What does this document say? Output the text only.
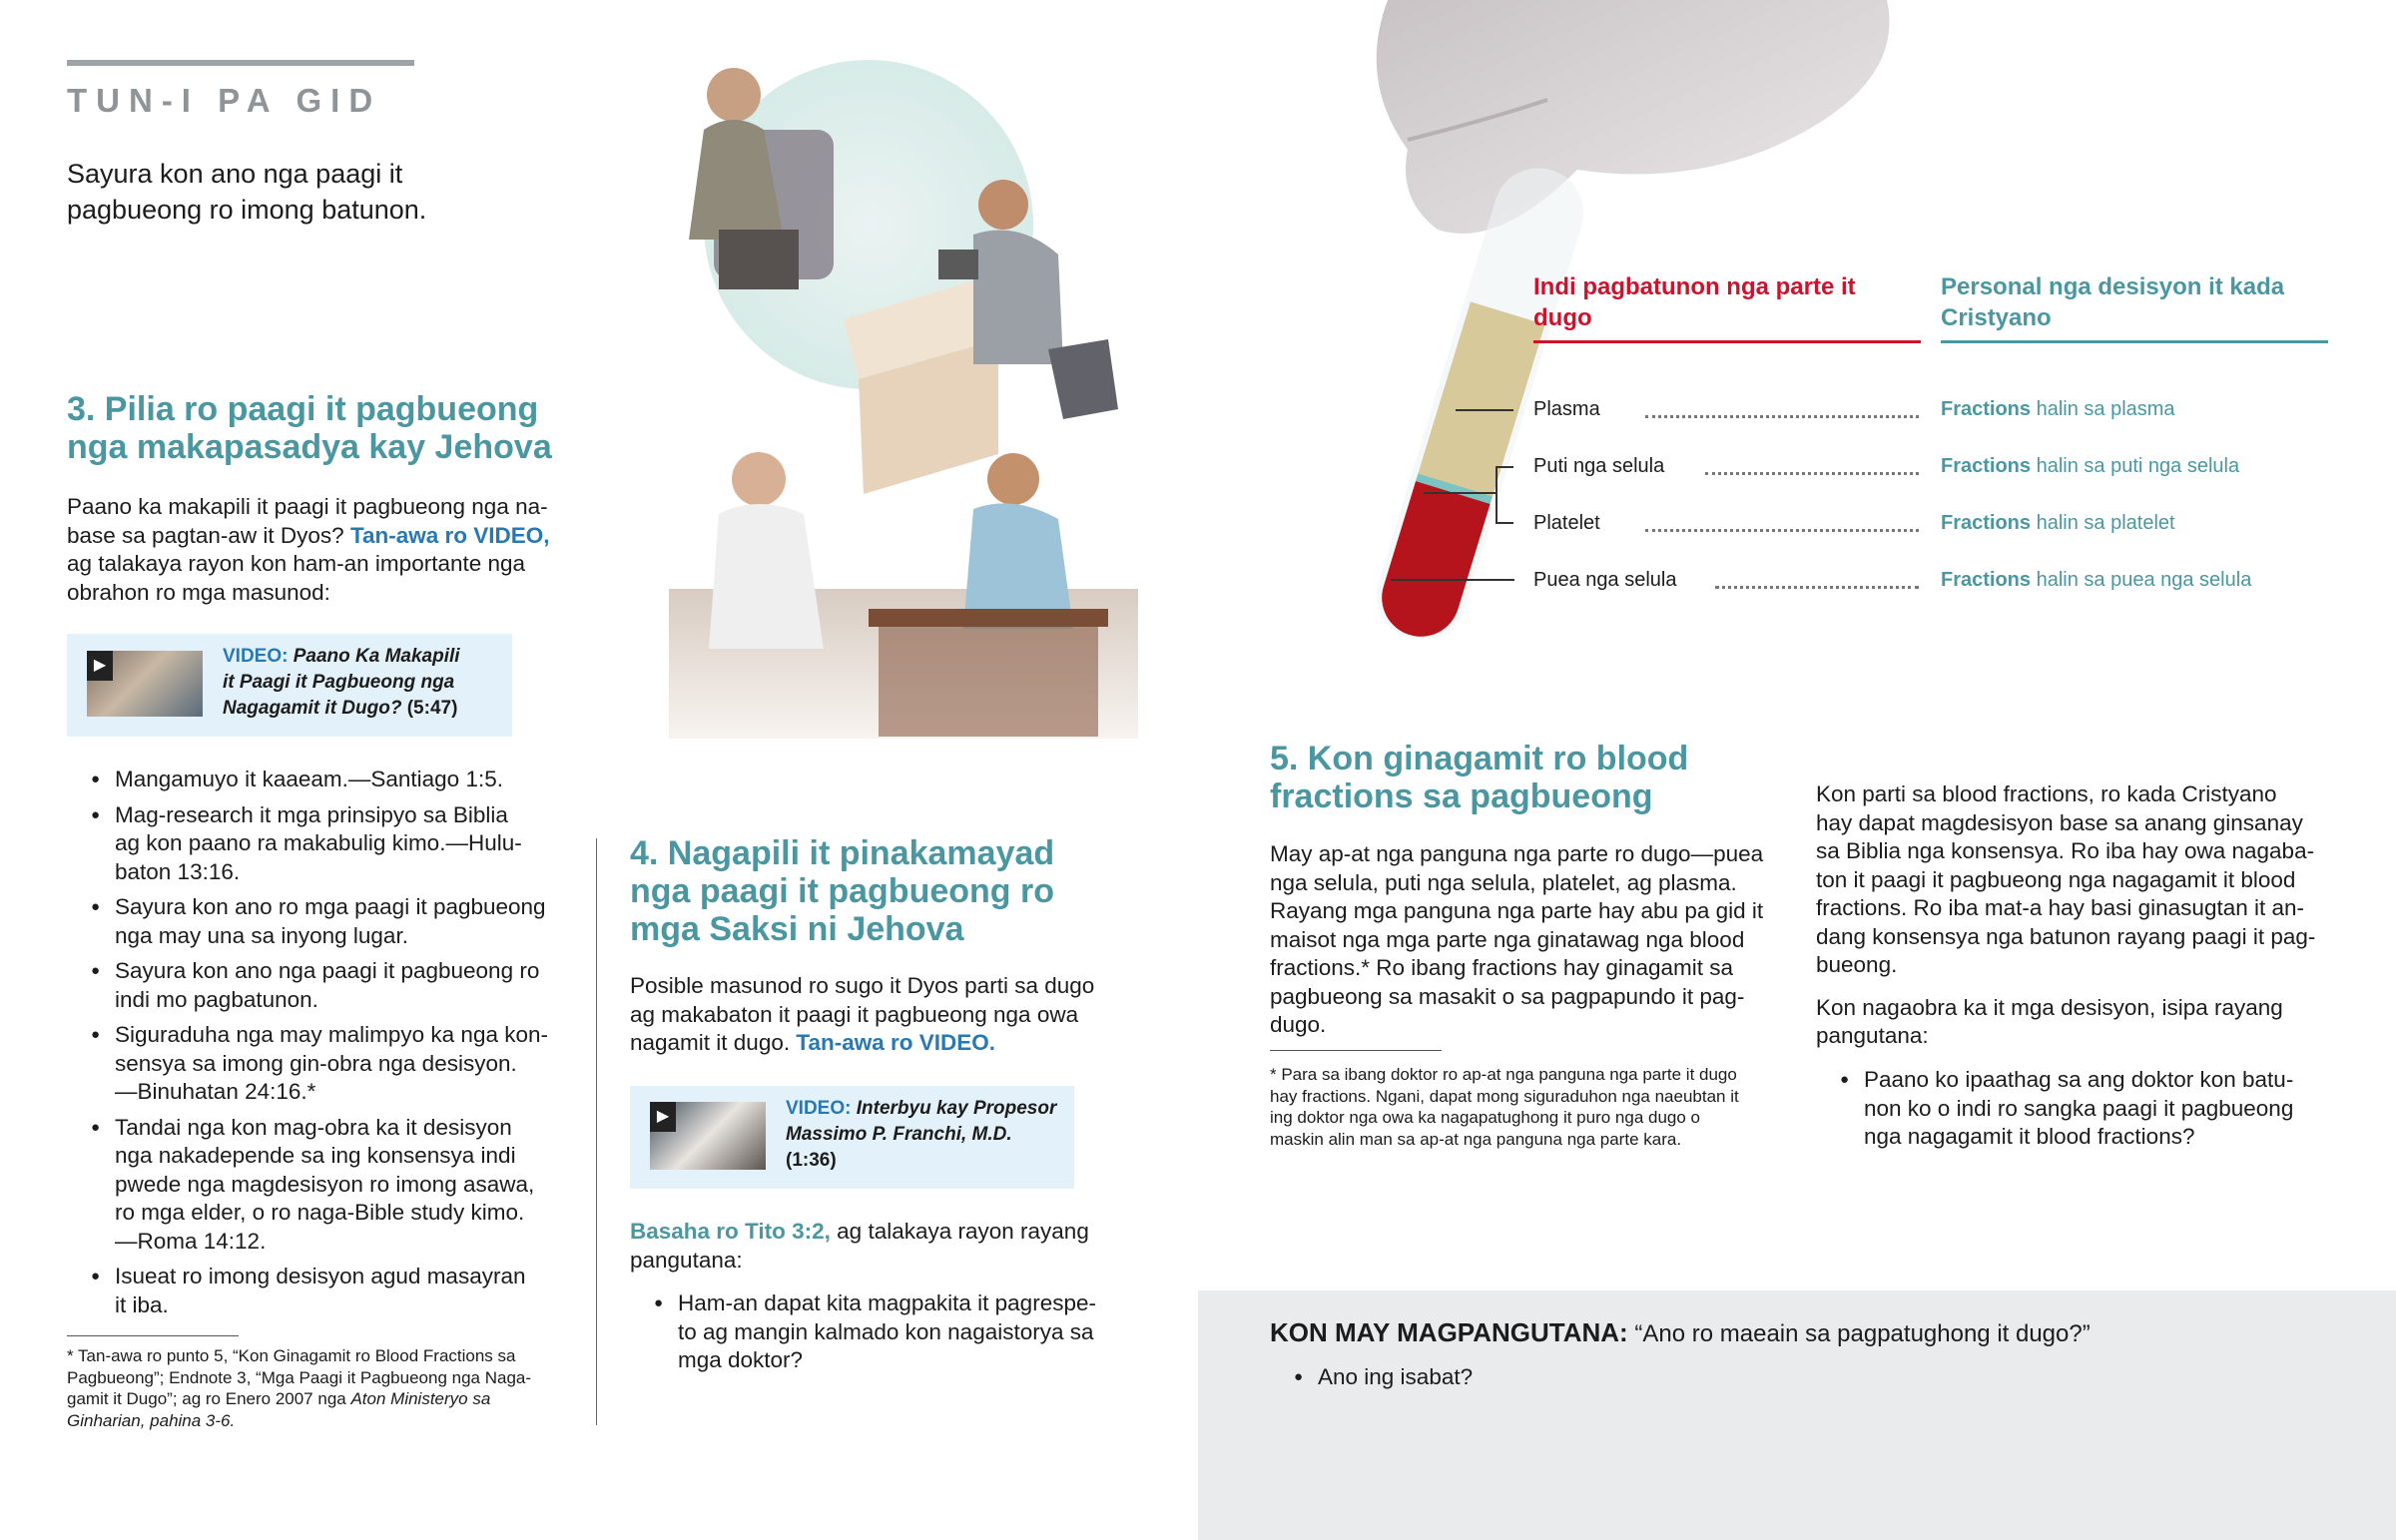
TUN-I PA GID
Sayura kon ano nga paagi it pagbueong ro imong batunon.

3. Pilia ro paagi it pagbueong nga makapasadya kay Jehova

Paano ka makapili it paagi it pagbueong nga na-
base sa pagtan-aw it Dyos? Tan-awa ro VIDEO,
ag talakaya rayon kon ham-an importante nga
obrahon ro mga masunod:
▶	VIDEO: Paano Ka Makapili
it Paagi it Pagbueong nga
Nagagamit it Dugo? (5:47)
● Mangamuyo it kaaeam.—Santiago 1:5.
● Mag-research it mga prinsipyo sa Biblia
ag kon paano ra makabulig kimo.—Hulu-
baton 13:16.
● Sayura kon ano ro mga paagi it pagbueong
nga may una sa inyong lugar.
● Sayura kon ano nga paagi it pagbueong ro
indi mo pagbatunon.
● Siguraduha nga may malimpyo ka nga kon-
sensya sa imong gin-obra nga desisyon.
—Binuhatan 24:16.*
● Tandai nga kon mag-obra ka it desisyon
nga nakadepende sa ing konsensya indi
pwede nga magdesisyon ro imong asawa,
ro mga elder, o ro naga-Bible study kimo.
—Roma 14:12.
● Isueat ro imong desisyon agud masayran
it iba.
* Tan-awa ro punto 5, “Kon Ginagamit ro Blood Fractions sa
Pagbueong”; Endnote 3, “Mga Paagi it Pagbueong nga Naga-
gamit it Dugo”; ag ro Enero 2007 nga Aton Ministeryo sa
Ginharian, pahina 3-6.

4. Nagapili it pinakamayad nga paagi it pagbueong ro mga Saksi ni Jehova

Posible masunod ro sugo it Dyos parti sa dugo
ag makabaton it paagi it pagbueong nga owa
nagamit it dugo. Tan-awa ro VIDEO.
▶	VIDEO: Interbyu kay Propesor
Massimo P. Franchi, M.D.
(1:36)
Basaha ro Tito 3:2, ag talakaya rayon rayang
pangutana:
● Ham-an dapat kita magpakita it pagrespe-
to ag mangin kalmado kon nagaistorya sa
mga doktor?
Indi pagbatunon nga parte it dugo
Personal nga desisyon it kada Cristyano
Plasma	Fractions halin sa plasma
Puti nga selula	Fractions halin sa puti nga selula
Platelet	Fractions halin sa platelet
Puea nga selula	Fractions halin sa puea nga selula

5. Kon ginagamit ro blood fractions sa pagbueong

May ap-at nga panguna nga parte ro dugo—puea
nga selula, puti nga selula, platelet, ag plasma.
Rayang mga panguna nga parte hay abu pa gid it
maisot nga mga parte nga ginatawag nga blood
fractions.* Ro ibang fractions hay ginagamit sa
pagbueong sa masakit o sa pagpapundo it pag-
dugo.
* Para sa ibang doktor ro ap-at nga panguna nga parte it dugo
hay fractions. Ngani, dapat mong siguraduhon nga naeubtan it
ing doktor nga owa ka nagapatughong it puro nga dugo o
maskin alin man sa ap-at nga panguna nga parte kara.
Kon parti sa blood fractions, ro kada Cristyano
hay dapat magdesisyon base sa anang ginsanay
sa Biblia nga konsensya. Ro iba hay owa nagaba-
ton it paagi it pagbueong nga nagagamit it blood
fractions. Ro iba mat-a hay basi ginasugtan it an-
dang konsensya nga batunon rayang paagi it pag-
bueong.
Kon nagaobra ka it mga desisyon, isipa rayang
pangutana:
● Paano ko ipaathag sa ang doktor kon batu-
non ko o indi ro sangka paagi it pagbueong
nga nagagamit it blood fractions?
KON MAY MAGPANGUTANA: “Ano ro maeain sa pagpatughong it dugo?”
● Ano ing isabat?
